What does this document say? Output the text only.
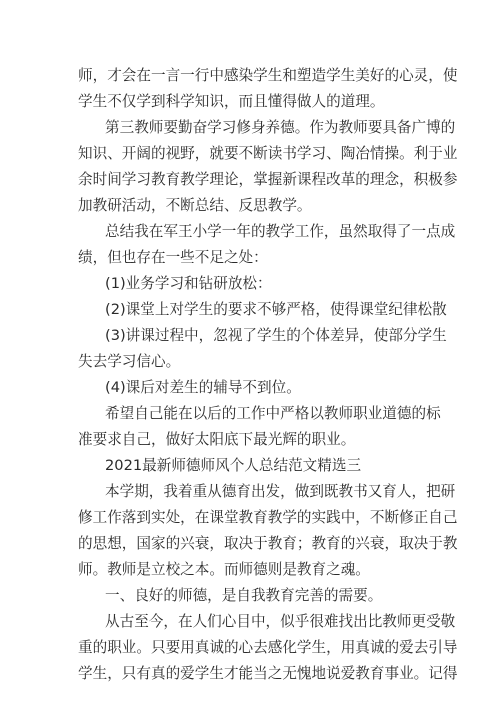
师，才会在一言一行中感染学生和塑造学生美好的心灵，使
学生不仅学到科学知识，而且懂得做人的道理。
第三教师要勤奋学习修身养德。作为教师要具备广博的
知识、开阔的视野，就要不断读书学习、陶冶情操。利于业
余时间学习教育教学理论，掌握新课程改革的理念，积极参
加教研活动，不断总结、反思教学。
总结我在军王小学一年的教学工作，虽然取得了一点成
绩，但也存在一些不足之处：
(1)业务学习和钻研放松：
(2)课堂上对学生的要求不够严格，使得课堂纪律松散
(3)讲课过程中，忽视了学生的个体差异，使部分学生
失去学习信心。
(4)课后对差生的辅导不到位。
希望自己能在以后的工作中严格以教师职业道德的标
准要求自己，做好太阳底下最光辉的职业。
2021最新师德师风个人总结范文精选三
本学期，我着重从德育出发，做到既教书又育人，把研
修工作落到实处，在课堂教育教学的实践中，不断修正自己
的思想，国家的兴衰，取决于教育；教育的兴衰，取决于教
师。教师是立校之本。而师德则是教育之魂。
一、良好的师德，是自我教育完善的需要。
从古至今，在人们心目中，似乎很难找出比教师更受敬
重的职业。只要用真诚的心去感化学生，用真诚的爱去引导
学生，只有真的爱学生才能当之无愧地说爱教育事业。记得
